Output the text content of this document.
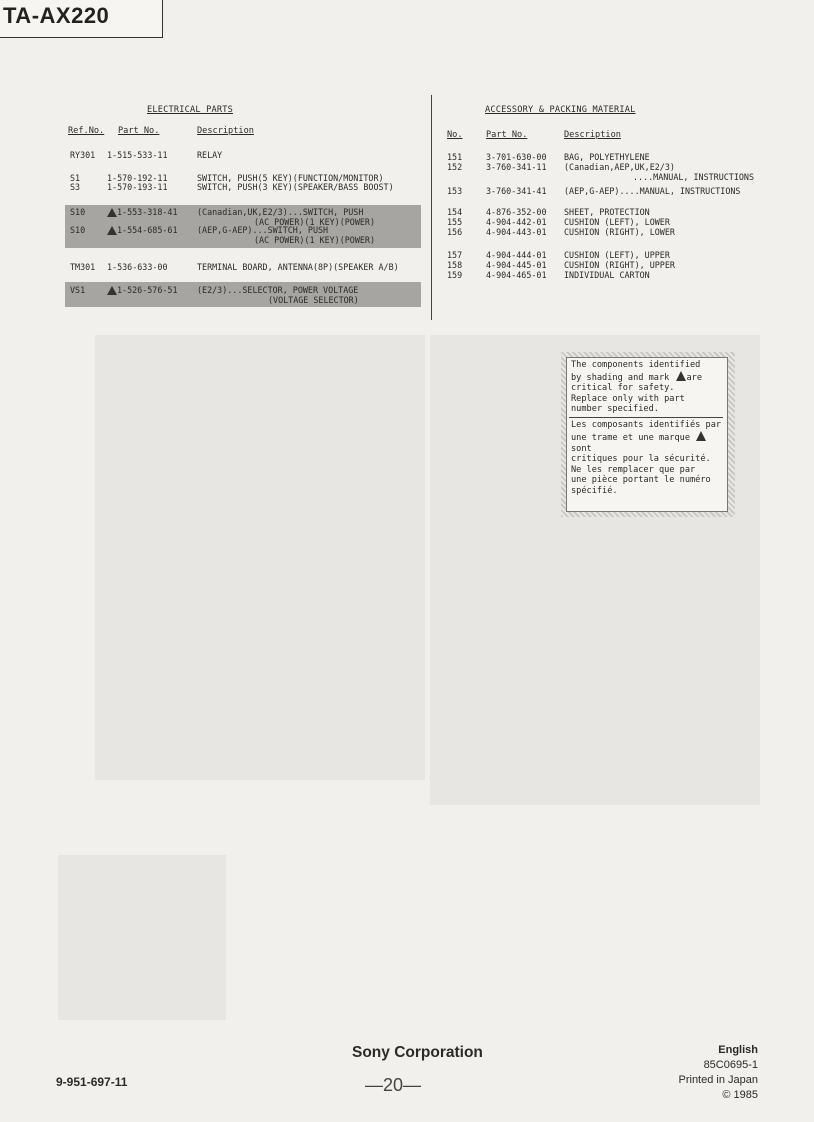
TA-AX220
ELECTRICAL PARTS
Ref.No. Part No.	Description
RY301 1-515-533-11	RELAY
S1	1-570-192-11	SWITCH, PUSH(5 KEY)(FUNCTION/MONITOR)
S3	1-570-193-11	SWITCH, PUSH(3 KEY)(SPEAKER/BASS BOOST)
S10	1-553-318-41 (Canadian,UK,E2/3)...SWITCH, PUSH
(AC POWER)(1 KEY)(POWER)
S10	1-554-685-61 (AEP,G-AEP)...SWITCH, PUSH
(AC POWER)(1 KEY)(POWER)
TM301 1-536-633-00	TERMINAL BOARD, ANTENNA(8P)(SPEAKER A/B)
VS1	1-526-576-51 (E2/3)...SELECTOR, POWER VOLTAGE
(VOLTAGE SELECTOR)
ACCESSORY & PACKING MATERIAL
No.	Part No.	Description
151	3-701-630-00 BAG, POLYETHYLENE
152	3-760-341-11 (Canadian,AEP,UK,E2/3)
....MANUAL, INSTRUCTIONS
153	3-760-341-41 (AEP,G-AEP)....MANUAL, INSTRUCTIONS
154	4-876-352-00 SHEET, PROTECTION
155	4-904-442-01 CUSHION (LEFT), LOWER
156	4-904-443-01 CUSHION (RIGHT), LOWER
157	4-904-444-01 CUSHION (LEFT), UPPER
158	4-904-445-01 CUSHION (RIGHT), UPPER
159	4-904-465-01 INDIVIDUAL CARTON
The components identified
by shading and mark are
critical for safety.
Replace only with part
number specified.
Les composants identifiés par
une trame et une marque sont
critiques pour la sécurité.
Ne les remplacer que par
une pièce portant le numéro
spécifié.
9-951-697-11
Sony Corporation
—20—
English
85C0695-1
Printed in Japan
© 1985
